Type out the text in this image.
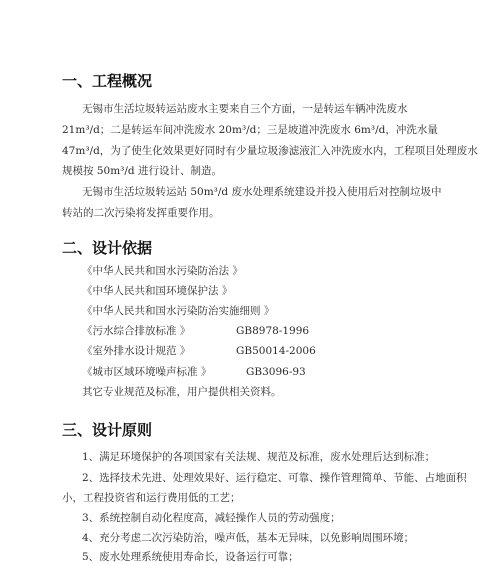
一、工程概况
无锡市生活垃圾转运站废水主要来自三个方面，一是转运车辆冲洗废水
21m³/d；二是转运车间冲洗废水 20m³/d；三是坡道冲洗废水 6m³/d，冲洗水量
47m³/d，为了使生化效果更好同时有少量垃圾渗滤液汇入冲洗废水内，工程项目处理废水
规模按 50m³/d 进行设计、制造。
无锡市生活垃圾转运站 50m³/d 废水处理系统建设并投入使用后对控制垃圾中
转站的二次污染将发挥重要作用。
二、设计依据
《中华人民共和国水污染防治法 》
《中华人民共和国环境保护法 》
《中华人民共和国水污染防治实施细则 》
《污水综合排放标准 》	GB8978-1996
《室外排水设计规范 》	GB50014-2006
《城市区域环境噪声标准 》	GB3096-93
其它专业规范及标准，用户提供相关资料。
三、设计原则
1、满足环境保护的各项国家有关法规、规范及标准，废水处理后达到标准；
2、选择技术先进、处理效果好、运行稳定、可靠、操作管理简单、节能、占地面积
小，工程投资省和运行费用低的工艺；
3、系统控制自动化程度高，减轻操作人员的劳动强度；
4、充分考虑二次污染防治，噪声低，基本无异味，以免影响周围环境；
5、废水处理系统使用寿命长，设备运行可靠；
